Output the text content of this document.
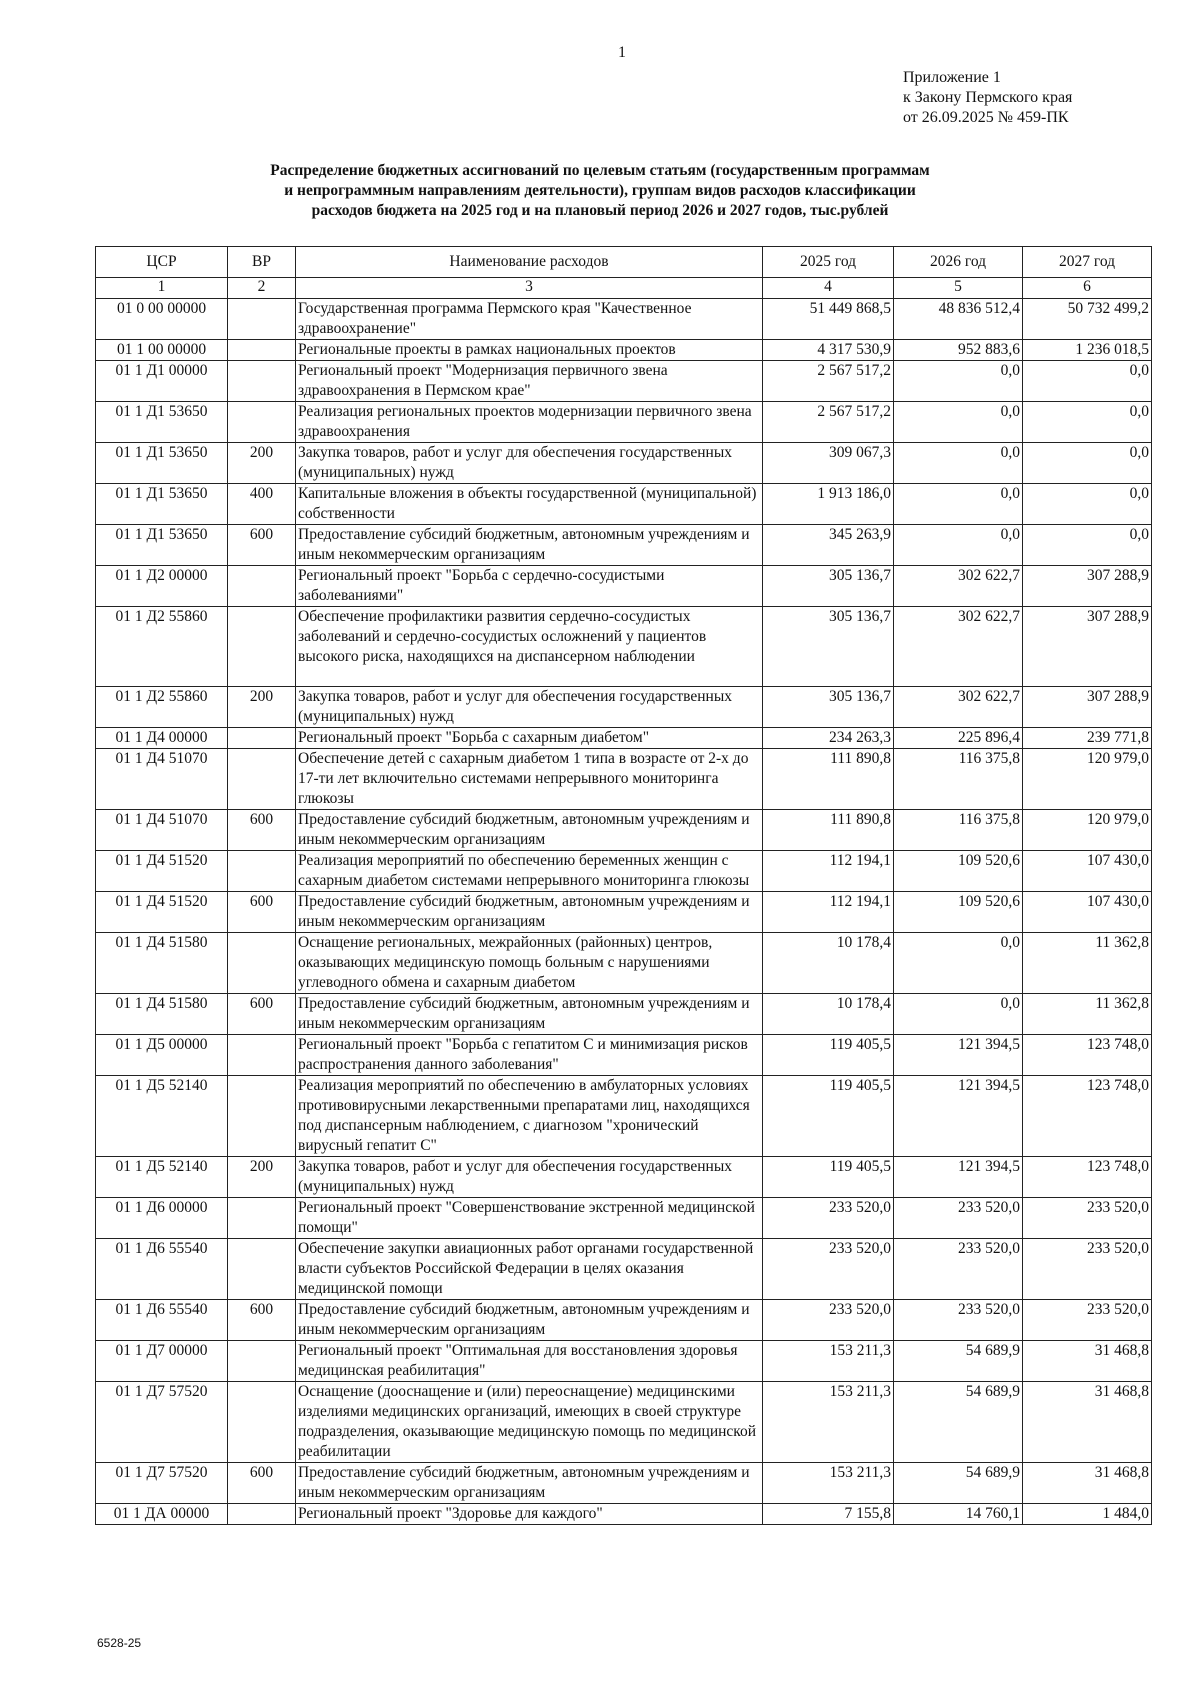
1
Приложение 1
к Закону Пермского края
от 26.09.2025 № 459-ПК
Распределение бюджетных ассигнований по целевым статьям (государственным программам
и непрограммным направлениям деятельности), группам видов расходов классификации
расходов бюджета на 2025 год и на плановый период 2026 и 2027 годов, тыс.рублей
ЦСР	ВР	Наименование расходов	2025 год	2026 год	2027 год
1	2	3	4	5	6
01 0 00 00000		Государственная программа Пермского края "Качественное здравоохранение"	51 449 868,5	48 836 512,4	50 732 499,2
01 1 00 00000		Региональные проекты в рамках национальных проектов	4 317 530,9	952 883,6	1 236 018,5
01 1 Д1 00000		Региональный проект "Модернизация первичного звена здравоохранения в Пермском крае"	2 567 517,2	0,0	0,0
01 1 Д1 53650		Реализация региональных проектов модернизации первичного звена здравоохранения	2 567 517,2	0,0	0,0
01 1 Д1 53650	200	Закупка товаров, работ и услуг для обеспечения государственных (муниципальных) нужд	309 067,3	0,0	0,0
01 1 Д1 53650	400	Капитальные вложения в объекты государственной (муниципальной) собственности	1 913 186,0	0,0	0,0
01 1 Д1 53650	600	Предоставление субсидий бюджетным, автономным учреждениям и иным некоммерческим организациям	345 263,9	0,0	0,0
01 1 Д2 00000		Региональный проект "Борьба с сердечно-сосудистыми заболеваниями"	305 136,7	302 622,7	307 288,9
01 1 Д2 55860		Обеспечение профилактики развития сердечно-сосудистых заболеваний и сердечно-сосудистых осложнений у пациентов высокого риска, находящихся на диспансерном наблюдении	305 136,7	302 622,7	307 288,9
01 1 Д2 55860	200	Закупка товаров, работ и услуг для обеспечения государственных (муниципальных) нужд	305 136,7	302 622,7	307 288,9
01 1 Д4 00000		Региональный проект "Борьба с сахарным диабетом"	234 263,3	225 896,4	239 771,8
01 1 Д4 51070		Обеспечение детей с сахарным диабетом 1 типа в возрасте от 2-х до 17-ти лет включительно системами непрерывного мониторинга глюкозы	111 890,8	116 375,8	120 979,0
01 1 Д4 51070	600	Предоставление субсидий бюджетным, автономным учреждениям и иным некоммерческим организациям	111 890,8	116 375,8	120 979,0
01 1 Д4 51520		Реализация мероприятий по обеспечению беременных женщин с сахарным диабетом системами непрерывного мониторинга глюкозы	112 194,1	109 520,6	107 430,0
01 1 Д4 51520	600	Предоставление субсидий бюджетным, автономным учреждениям и иным некоммерческим организациям	112 194,1	109 520,6	107 430,0
01 1 Д4 51580		Оснащение региональных, межрайонных (районных) центров, оказывающих медицинскую помощь больным с нарушениями углеводного обмена и сахарным диабетом	10 178,4	0,0	11 362,8
01 1 Д4 51580	600	Предоставление субсидий бюджетным, автономным учреждениям и иным некоммерческим организациям	10 178,4	0,0	11 362,8
01 1 Д5 00000		Региональный проект "Борьба с гепатитом С и минимизация рисков распространения данного заболевания"	119 405,5	121 394,5	123 748,0
01 1 Д5 52140		Реализация мероприятий по обеспечению в амбулаторных условиях противовирусными лекарственными препаратами лиц, находящихся под диспансерным наблюдением, с диагнозом "хронический вирусный гепатит С"	119 405,5	121 394,5	123 748,0
01 1 Д5 52140	200	Закупка товаров, работ и услуг для обеспечения государственных (муниципальных) нужд	119 405,5	121 394,5	123 748,0
01 1 Д6 00000		Региональный проект "Совершенствование экстренной медицинской помощи"	233 520,0	233 520,0	233 520,0
01 1 Д6 55540		Обеспечение закупки авиационных работ органами государственной власти субъектов Российской Федерации в целях оказания медицинской помощи	233 520,0	233 520,0	233 520,0
01 1 Д6 55540	600	Предоставление субсидий бюджетным, автономным учреждениям и иным некоммерческим организациям	233 520,0	233 520,0	233 520,0
01 1 Д7 00000		Региональный проект "Оптимальная для восстановления здоровья медицинская реабилитация"	153 211,3	54 689,9	31 468,8
01 1 Д7 57520		Оснащение (дооснащение и (или) переоснащение) медицинскими изделиями медицинских организаций, имеющих в своей структуре подразделения, оказывающие медицинскую помощь по медицинской реабилитации	153 211,3	54 689,9	31 468,8
01 1 Д7 57520	600	Предоставление субсидий бюджетным, автономным учреждениям и иным некоммерческим организациям	153 211,3	54 689,9	31 468,8
01 1 ДА 00000		Региональный проект "Здоровье для каждого"	7 155,8	14 760,1	1 484,0
6528-25
